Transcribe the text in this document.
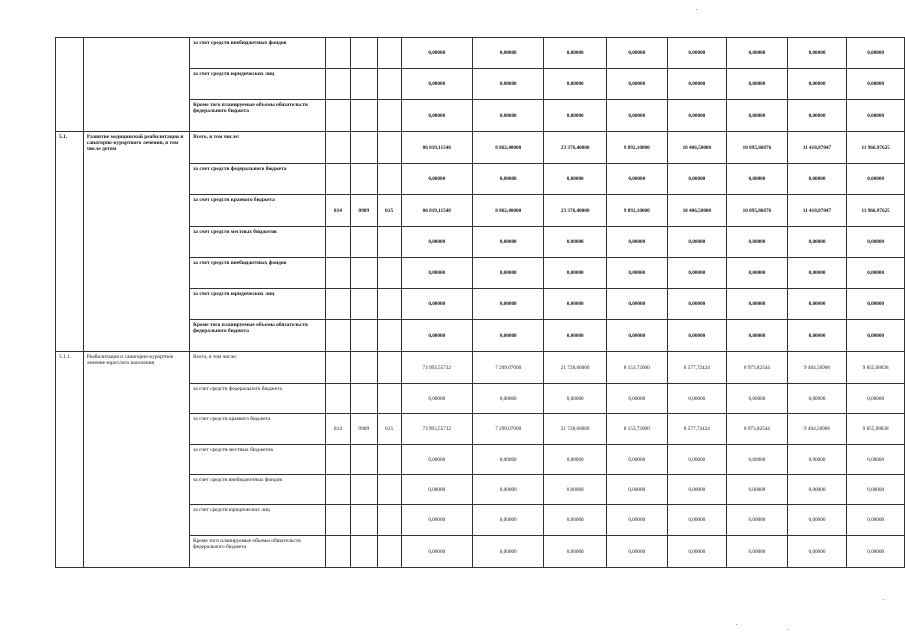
		за счет средств внебюджетных фондов				0,00000	0,00000	0,00000	0,00000	0,00000	0,00000	0,00000	0,00000
		за счет средств юридических лиц				0,00000	0,00000	0,00000	0,00000	0,00000	0,00000	0,00000	0,00000
		Кроме того планируемые объемы обязательств федерального бюджета				0,00000	0,00000	0,00000	0,00000	0,00000	0,00000	0,00000	0,00000
5.1.	Развитие медицинской реабилитации и санаторно-курортного лечения, в том числе детям	Всего, в том числе:				86 819,11548	8 862,40000	23 376,40000	9 892,10000	10 406,50000	10 895,86876	11 418,87047	11 966,97625
		за счет средств федерального бюджета				0,00000	0,00000	0,00000	0,00000	0,00000	0,00000	0,00000	0,00000
		за счет средств краевого бюджета	814	0909	015	86 819,11548	8 862,40000	23 376,40000	9 892,10000	10 406,50000	10 895,86876	11 418,87047	11 966,97625
		за счет средств местных бюджетов				0,00000	0,00000	0,00000	0,00000	0,00000	0,00000	0,00000	0,00000
		за счет средств внебюджетных фондов				0,00000	0,00000	0,00000	0,00000	0,00000	0,00000	0,00000	0,00000
		за счет средств юридических лиц				0,00000	0,00000	0,00000	0,00000	0,00000	0,00000	0,00000	0,00000
		Кроме того планируемые объемы обязательств федерального бюджета				0,00000	0,00000	0,00000	0,00000	0,00000	0,00000	0,00000	0,00000
5.1.1.	Реабилитация и санаторно-курортное лечение взрослого населения	Всего, в том числе:				73 993,55712	7 299,07000	21 728,66000	8 153,72000	8 577,72424	8 973,82544	9 404,56906	9 855,98838
		за счет средств федерального бюджета				0,00000	0,00000	0,00000	0,00000	0,00000	0,00000	0,00000	0,00000
		за счет средств краевого бюджета	814	0909	015	73 993,55712	7 299,07000	21 728,66000	8 153,72000	8 577,72424	8 973,82544	9 404,56906	9 855,98838
		за счет средств местных бюджетов				0,00000	0,00000	0,00000	0,00000	0,00000	0,00000	0,00000	0,00000
		за счет средств внебюджетных фондов				0,00000	0,00000	0,00000	0,00000	0,00000	0,00000	0,00000	0,00000
		за счет средств юридических лиц				0,00000	0,00000	0,00000	0,00000	0,00000	0,00000	0,00000	0,00000
		Кроме того планируемые объемы обязательств федерального бюджета				0,00000	0,00000	0,00000	0,00000	0,00000	0,00000	0,00000	0,00000
